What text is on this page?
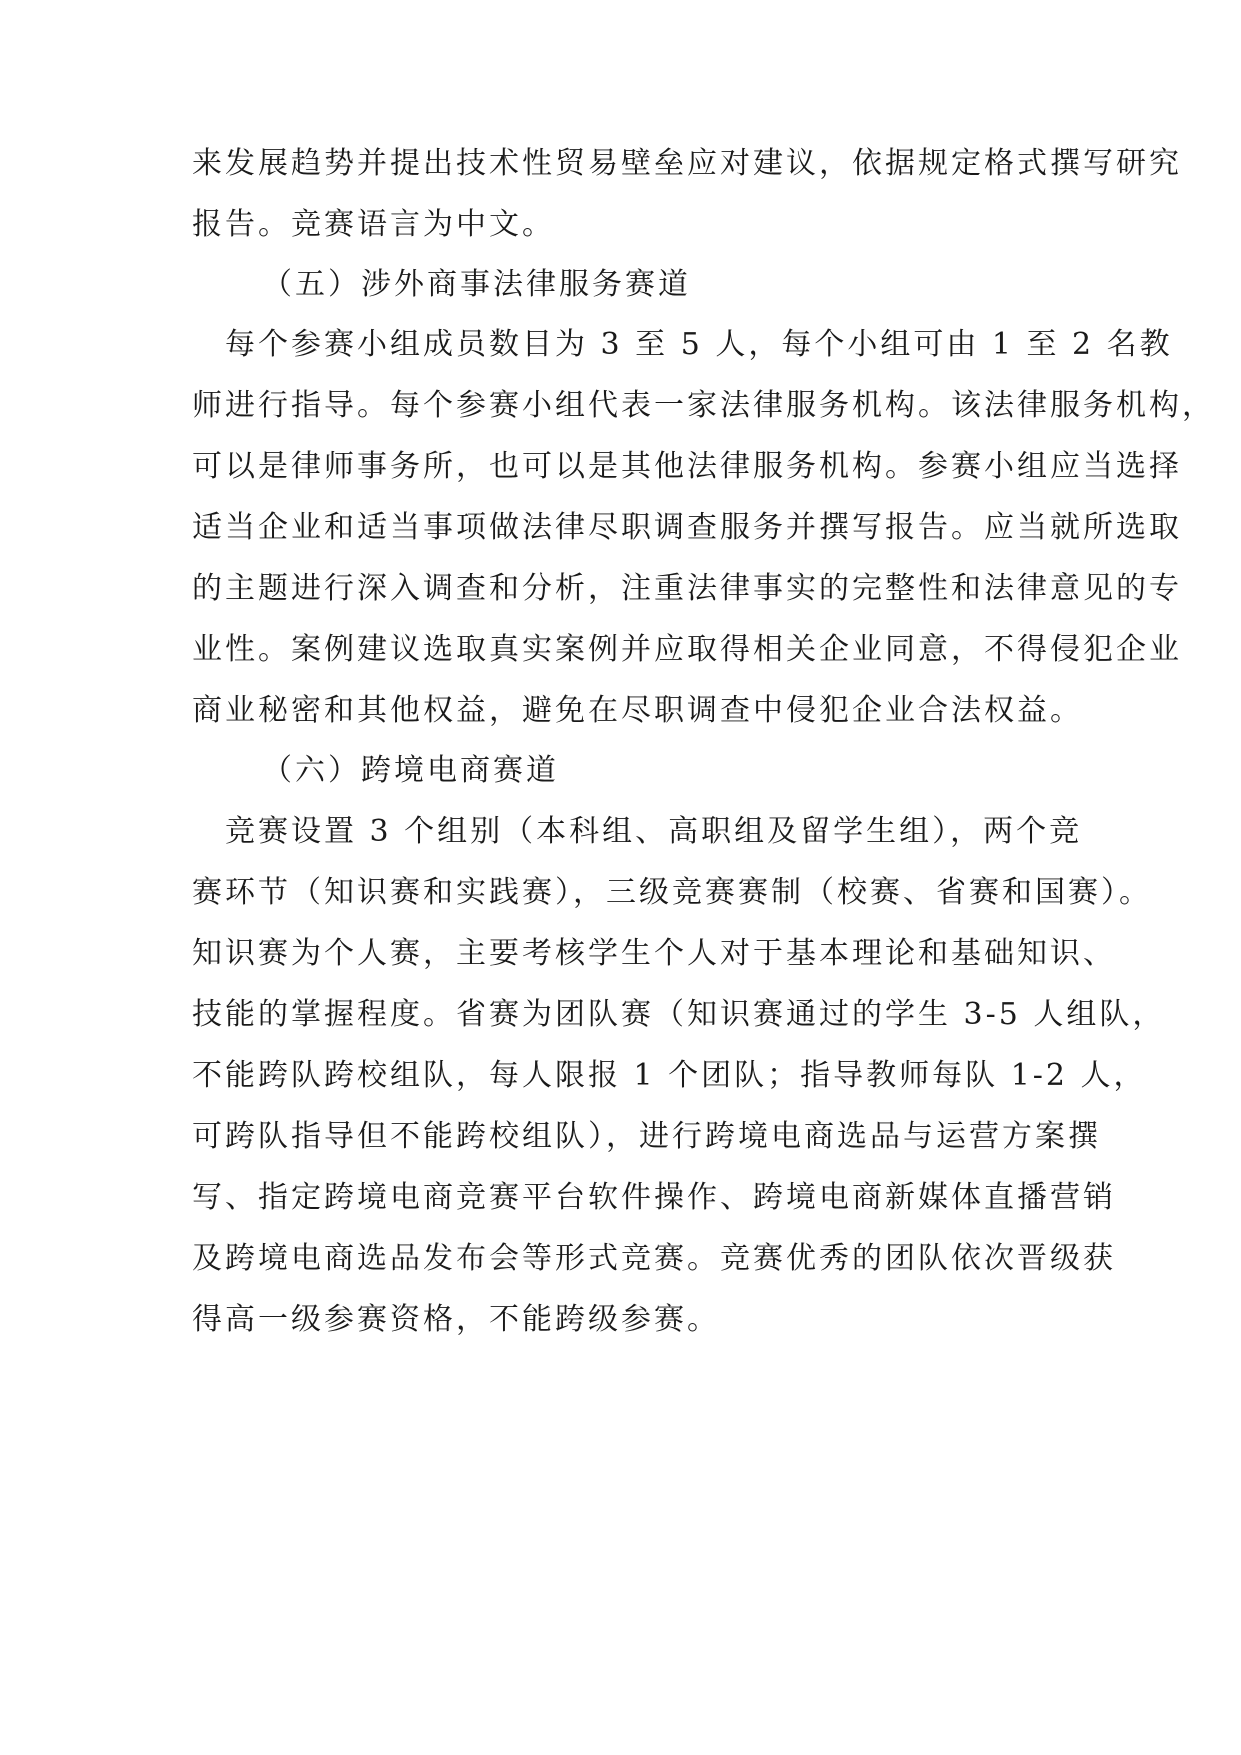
来发展趋势并提出技术性贸易壁垒应对建议，依据规定格式撰写研究
报告。竞赛语言为中文。
（五）涉外商事法律服务赛道
　每个参赛小组成员数目为 3 至 5 人，每个小组可由 1 至 2 名教
师进行指导。每个参赛小组代表一家法律服务机构。该法律服务机构，
可以是律师事务所，也可以是其他法律服务机构。参赛小组应当选择
适当企业和适当事项做法律尽职调查服务并撰写报告。应当就所选取
的主题进行深入调查和分析，注重法律事实的完整性和法律意见的专
业性。案例建议选取真实案例并应取得相关企业同意，不得侵犯企业
商业秘密和其他权益，避免在尽职调查中侵犯企业合法权益。
（六）跨境电商赛道
　竞赛设置 3 个组别（本科组、高职组及留学生组），两个竞
赛环节（知识赛和实践赛），三级竞赛赛制（校赛、省赛和国赛）。
知识赛为个人赛，主要考核学生个人对于基本理论和基础知识、
技能的掌握程度。省赛为团队赛（知识赛通过的学生 3-5 人组队，
不能跨队跨校组队，每人限报 1 个团队；指导教师每队 1-2 人，
可跨队指导但不能跨校组队），进行跨境电商选品与运营方案撰
写、指定跨境电商竞赛平台软件操作、跨境电商新媒体直播营销
及跨境电商选品发布会等形式竞赛。竞赛优秀的团队依次晋级获
得高一级参赛资格，不能跨级参赛。
